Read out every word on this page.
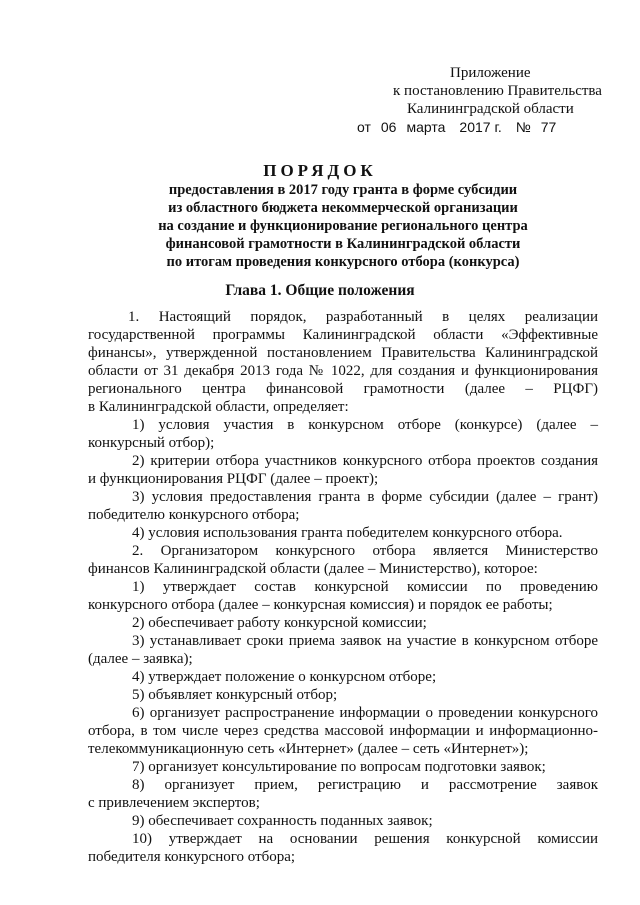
Приложение
к постановлению Правительства
Калининградской области
от 06 марта 2017 г. № 77
ПОРЯДОК
предоставления в 2017 году гранта в форме субсидии
из областного бюджета некоммерческой организации
на создание и функционирование регионального центра
финансовой грамотности в Калининградской области
по итогам проведения конкурсного отбора (конкурса)
Глава 1. Общие положения
1. Настоящий порядок, разработанный в целях реализации
государственной программы Калининградской области «Эффективные
финансы», утвержденной постановлением Правительства Калининградской
области от 31 декабря 2013 года № 1022, для создания и функционирования
регионального центра финансовой грамотности (далее – РЦФГ)
в Калининградской области, определяет:
1) условия участия в конкурсном отборе (конкурсе) (далее –
конкурсный отбор);
2) критерии отбора участников конкурсного отбора проектов создания
и функционирования РЦФГ (далее – проект);
3) условия предоставления гранта в форме субсидии (далее – грант)
победителю конкурсного отбора;
4) условия использования гранта победителем конкурсного отбора.
2. Организатором конкурсного отбора является Министерство
финансов Калининградской области (далее – Министерство), которое:
1) утверждает состав конкурсной комиссии по проведению
конкурсного отбора (далее – конкурсная комиссия) и порядок ее работы;
2) обеспечивает работу конкурсной комиссии;
3) устанавливает сроки приема заявок на участие в конкурсном отборе
(далее – заявка);
4) утверждает положение о конкурсном отборе;
5) объявляет конкурсный отбор;
6) организует распространение информации о проведении конкурсного
отбора, в том числе через средства массовой информации и информационно-
телекоммуникационную сеть «Интернет» (далее – сеть «Интернет»);
7) организует консультирование по вопросам подготовки заявок;
8) организует прием, регистрацию и рассмотрение заявок
с привлечением экспертов;
9) обеспечивает сохранность поданных заявок;
10) утверждает на основании решения конкурсной комиссии
победителя конкурсного отбора;
